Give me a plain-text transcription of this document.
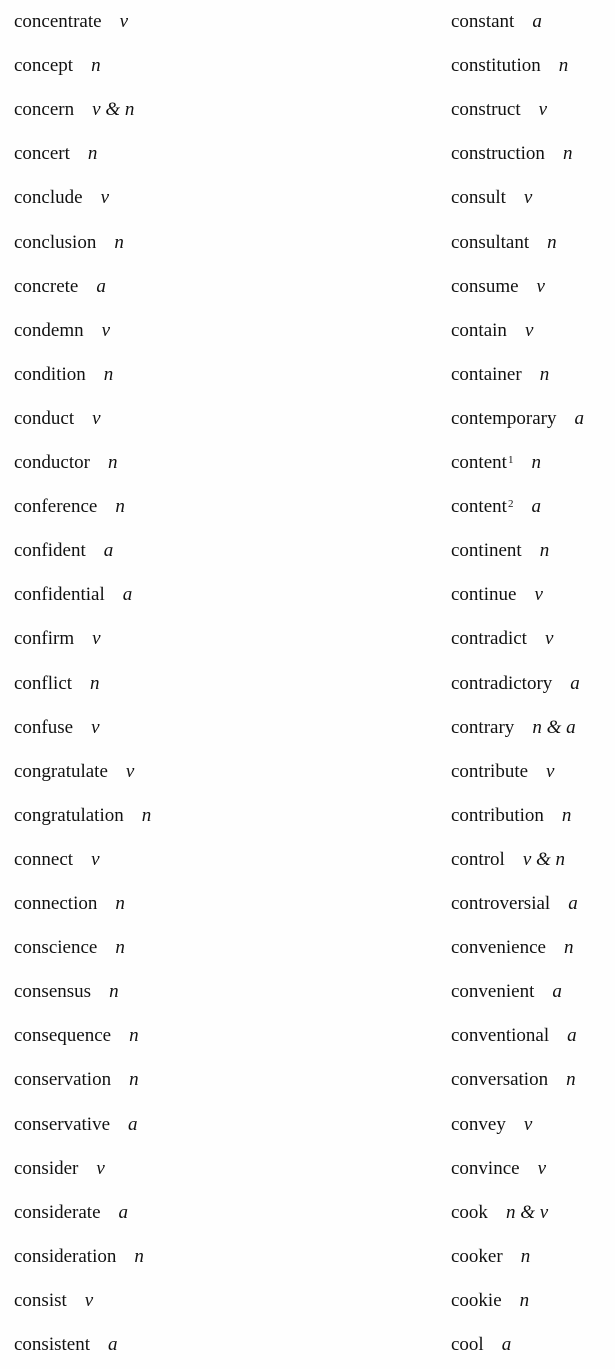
concentrate v
concept n
concern v & n
concert n
conclude v
conclusion n
concrete a
condemn v
condition n
conduct v
conductor n
conference n
confident a
confidential a
confirm v
conflict n
confuse v
congratulate v
congratulation n
connect v
connection n
conscience n
consensus n
consequence n
conservation n
conservative a
consider v
considerate a
consideration n
consist v
consistent a
constant a
constitution n
construct v
construction n
consult v
consultant n
consume v
contain v
container n
contemporary a
content$^1$ n
content$^2$ a
continent n
continue v
contradict v
contradictory a
contrary n & a
contribute v
contribution n
control v & n
controversial a
convenience n
convenient a
conventional a
conversation n
convey v
convince v
cook n & v
cooker n
cookie n
cool a
